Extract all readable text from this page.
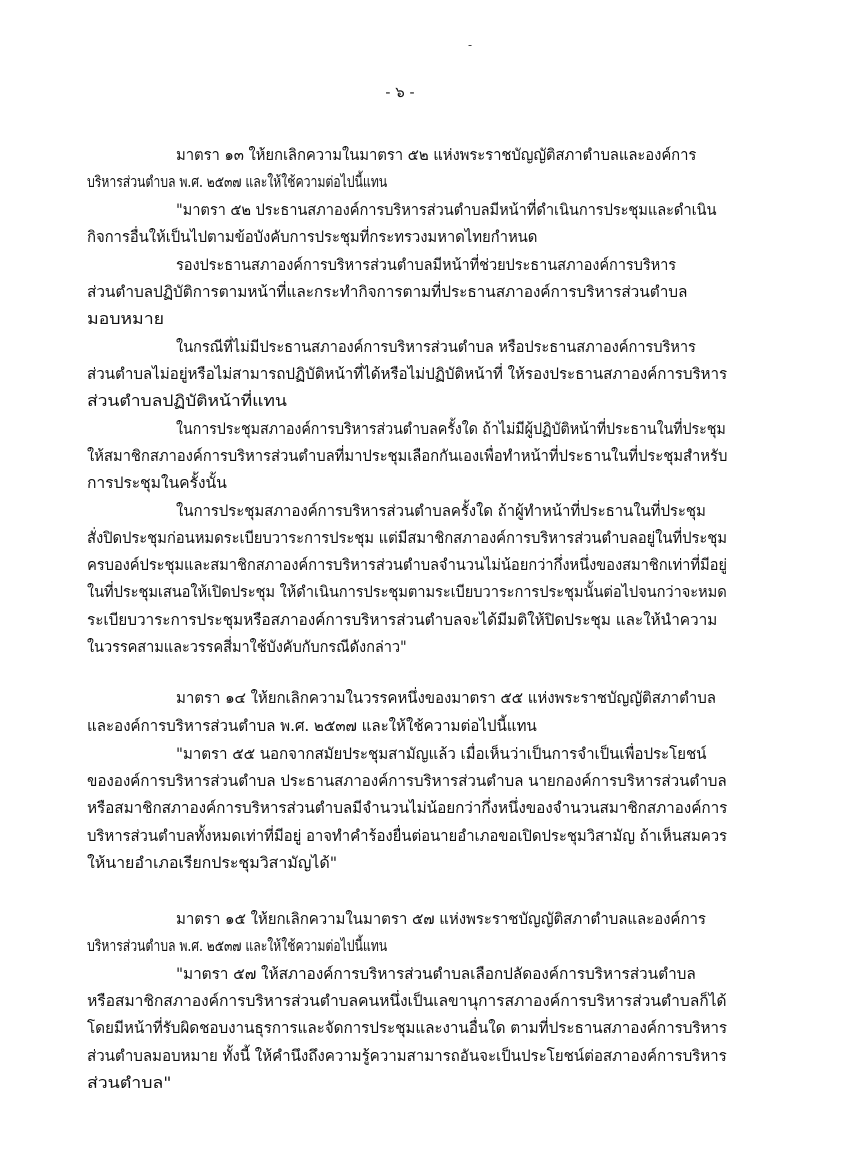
-
- ๖ -
มาตรา ๑๓ ให้ยกเลิกความในมาตรา ๕๒ แห่งพระราชบัญญัติสภาตำบลและองค์การ
บริหารส่วนตำบล พ.ศ. ๒๕๓๗ และให้ใช้ความต่อไปนี้แทน
"มาตรา ๕๒ ประธานสภาองค์การบริหารส่วนตำบลมีหน้าที่ดำเนินการประชุมและดำเนิน
กิจการอื่นให้เป็นไปตามข้อบังคับการประชุมที่กระทรวงมหาดไทยกำหนด
รองประธานสภาองค์การบริหารส่วนตำบลมีหน้าที่ช่วยประธานสภาองค์การบริหาร
ส่วนตำบลปฏิบัติการตามหน้าที่และกระทำกิจการตามที่ประธานสภาองค์การบริหารส่วนตำบล
มอบหมาย
ในกรณีที่ไม่มีประธานสภาองค์การบริหารส่วนตำบล หรือประธานสภาองค์การบริหาร
ส่วนตำบลไม่อยู่หรือไม่สามารถปฏิบัติหน้าที่ได้หรือไม่ปฏิบัติหน้าที่ ให้รองประธานสภาองค์การบริหาร
ส่วนตำบลปฏิบัติหน้าที่แทน
ในการประชุมสภาองค์การบริหารส่วนตำบลครั้งใด ถ้าไม่มีผู้ปฏิบัติหน้าที่ประธานในที่ประชุม
ให้สมาชิกสภาองค์การบริหารส่วนตำบลที่มาประชุมเลือกกันเองเพื่อทำหน้าที่ประธานในที่ประชุมสำหรับ
การประชุมในครั้งนั้น
ในการประชุมสภาองค์การบริหารส่วนตำบลครั้งใด ถ้าผู้ทำหน้าที่ประธานในที่ประชุม
สั่งปิดประชุมก่อนหมดระเบียบวาระการประชุม แต่มีสมาชิกสภาองค์การบริหารส่วนตำบลอยู่ในที่ประชุม
ครบองค์ประชุมและสมาชิกสภาองค์การบริหารส่วนตำบลจำนวนไม่น้อยกว่ากึ่งหนึ่งของสมาชิกเท่าที่มีอยู่
ในที่ประชุมเสนอให้เปิดประชุม ให้ดำเนินการประชุมตามระเบียบวาระการประชุมนั้นต่อไปจนกว่าจะหมด
ระเบียบวาระการประชุมหรือสภาองค์การบริหารส่วนตำบลจะได้มีมติให้ปิดประชุม และให้นำความ
ในวรรคสามและวรรคสี่มาใช้บังคับกับกรณีดังกล่าว"
มาตรา ๑๔ ให้ยกเลิกความในวรรคหนึ่งของมาตรา ๕๕ แห่งพระราชบัญญัติสภาตำบล
และองค์การบริหารส่วนตำบล พ.ศ. ๒๕๓๗ และให้ใช้ความต่อไปนี้แทน
"มาตรา ๕๕ นอกจากสมัยประชุมสามัญแล้ว เมื่อเห็นว่าเป็นการจำเป็นเพื่อประโยชน์
ขององค์การบริหารส่วนตำบล ประธานสภาองค์การบริหารส่วนตำบล นายกองค์การบริหารส่วนตำบล
หรือสมาชิกสภาองค์การบริหารส่วนตำบลมีจำนวนไม่น้อยกว่ากึ่งหนึ่งของจำนวนสมาชิกสภาองค์การ
บริหารส่วนตำบลทั้งหมดเท่าที่มีอยู่ อาจทำคำร้องยื่นต่อนายอำเภอขอเปิดประชุมวิสามัญ ถ้าเห็นสมควร
ให้นายอำเภอเรียกประชุมวิสามัญได้"
มาตรา ๑๕ ให้ยกเลิกความในมาตรา ๕๗ แห่งพระราชบัญญัติสภาตำบลและองค์การ
บริหารส่วนตำบล พ.ศ. ๒๕๓๗ และให้ใช้ความต่อไปนี้แทน
"มาตรา ๕๗ ให้สภาองค์การบริหารส่วนตำบลเลือกปลัดองค์การบริหารส่วนตำบล
หรือสมาชิกสภาองค์การบริหารส่วนตำบลคนหนึ่งเป็นเลขานุการสภาองค์การบริหารส่วนตำบลก็ได้
โดยมีหน้าที่รับผิดชอบงานธุรการและจัดการประชุมและงานอื่นใด ตามที่ประธานสภาองค์การบริหาร
ส่วนตำบลมอบหมาย ทั้งนี้ ให้คำนึงถึงความรู้ความสามารถอันจะเป็นประโยชน์ต่อสภาองค์การบริหาร
ส่วนตำบล"
